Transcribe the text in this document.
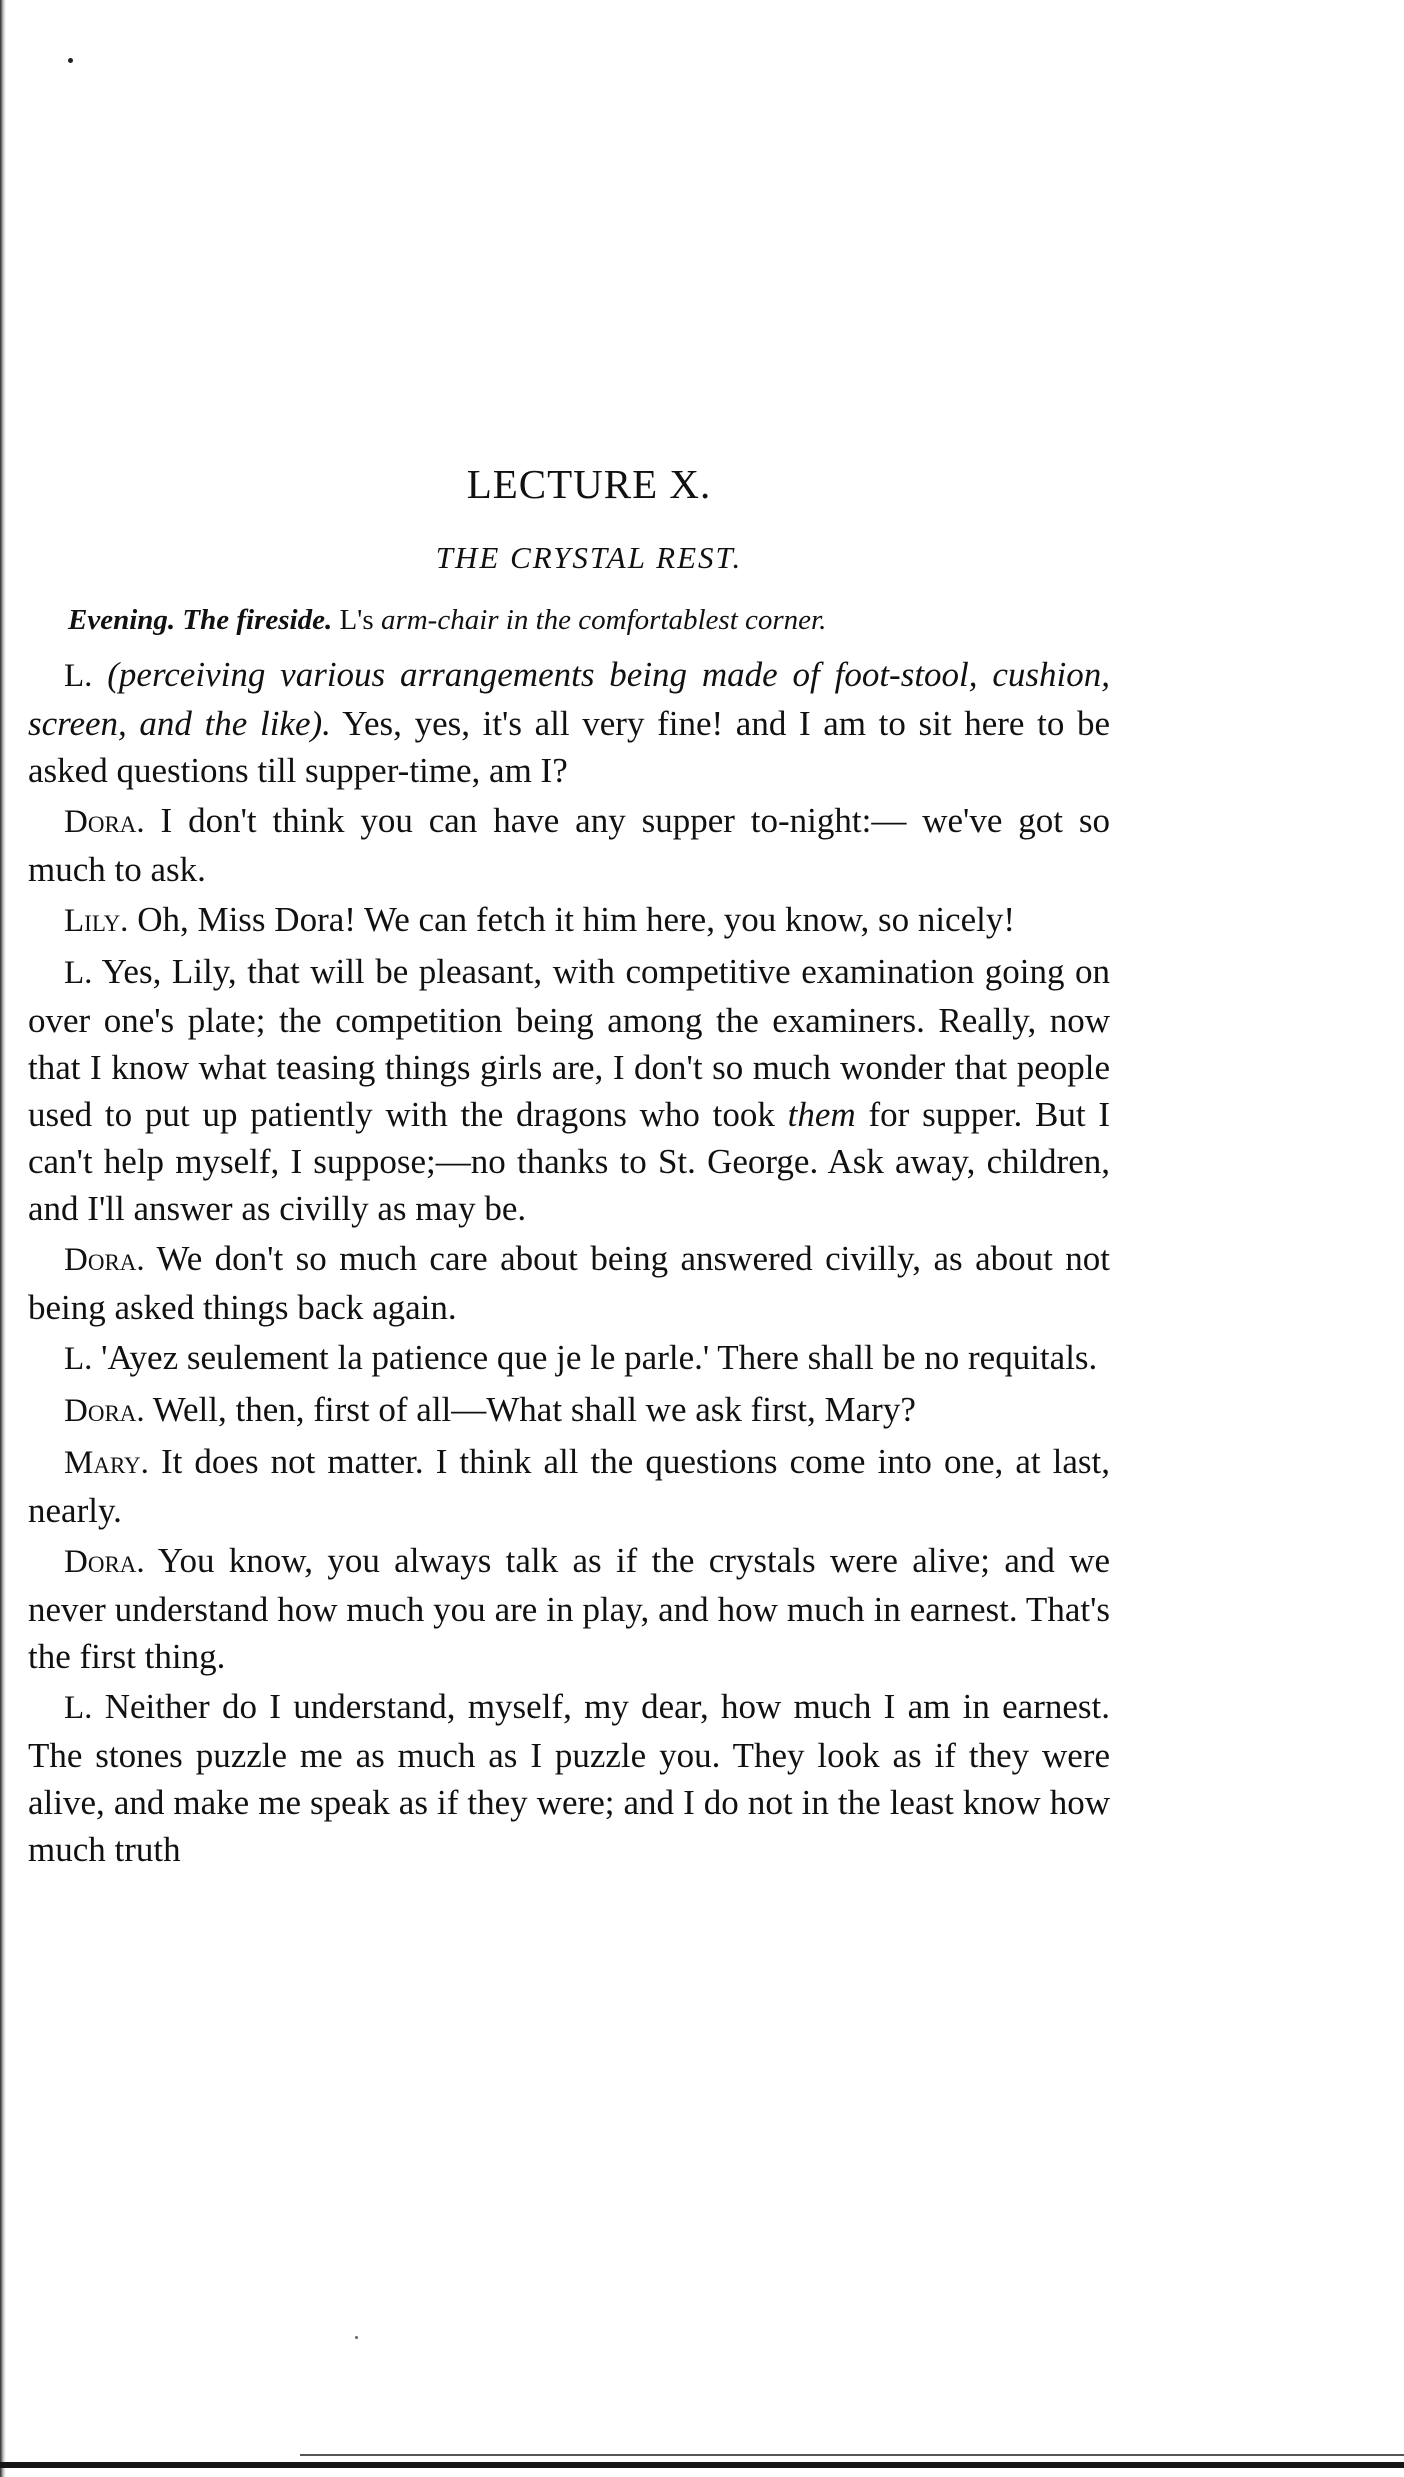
LECTURE X.
THE CRYSTAL REST.
Evening. The fireside. L's arm-chair in the comfortablest corner.

L. (perceiving various arrangements being made of foot-stool, cushion, screen, and the like). Yes, yes, it's all very fine! and I am to sit here to be asked questions till supper-time, am I?

Dora. I don't think you can have any supper to-night:— we've got so much to ask.

Lily. Oh, Miss Dora! We can fetch it him here, you know, so nicely!

L. Yes, Lily, that will be pleasant, with competitive examination going on over one's plate; the competition being among the examiners. Really, now that I know what teasing things girls are, I don't so much wonder that people used to put up patiently with the dragons who took them for supper. But I can't help myself, I suppose;—no thanks to St. George. Ask away, children, and I'll answer as civilly as may be.

Dora. We don't so much care about being answered civilly, as about not being asked things back again.

L. 'Ayez seulement la patience que je le parle.' There shall be no requitals.

Dora. Well, then, first of all—What shall we ask first, Mary?

Mary. It does not matter. I think all the questions come into one, at last, nearly.

Dora. You know, you always talk as if the crystals were alive; and we never understand how much you are in play, and how much in earnest. That's the first thing.

L. Neither do I understand, myself, my dear, how much I am in earnest. The stones puzzle me as much as I puzzle you. They look as if they were alive, and make me speak as if they were; and I do not in the least know how much truth
